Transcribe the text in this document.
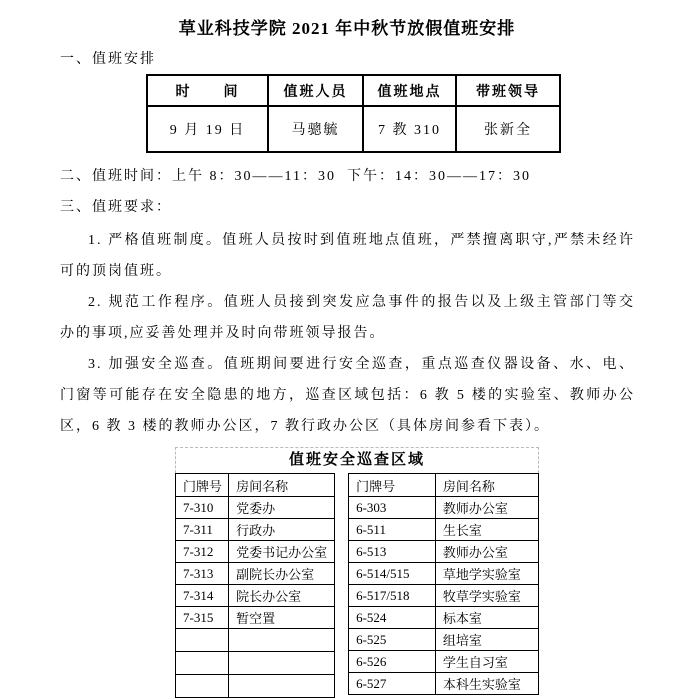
草业科技学院 2021 年中秋节放假值班安排
一、值班安排
时　　间	值班人员	值班地点	带班领导
9 月 19 日	马骢毓	7 教 310	张新全
二、值班时间：上午 8：30——11：30  下午：14：30——17：30
三、值班要求：

1. 严格值班制度。值班人员按时到值班地点值班，严禁擅离职守,严禁未经许可的顶岗值班。

2. 规范工作程序。值班人员接到突发应急事件的报告以及上级主管部门等交办的事项,应妥善处理并及时向带班领导报告。

3. 加强安全巡查。值班期间要进行安全巡查，重点巡查仪器设备、水、电、门窗等可能存在安全隐患的地方，巡查区域包括：6 教 5 楼的实验室、教师办公区，6 教 3 楼的教师办公区，7 教行政办公区（具体房间参看下表）。

值班安全巡查区域
门牌号	房间名称
7-310	党委办
7-311	行政办
7-312	党委书记办公室
7-313	副院长办公室
7-314	院长办公室
7-315	暂空置

门牌号	房间名称
6-303	教师办公室
6-511	生长室
6-513	教师办公室
6-514/515	草地学实验室
6-517/518	牧草学实验室
6-524	标本室
6-525	组培室
6-526	学生自习室
6-527	本科生实验室
